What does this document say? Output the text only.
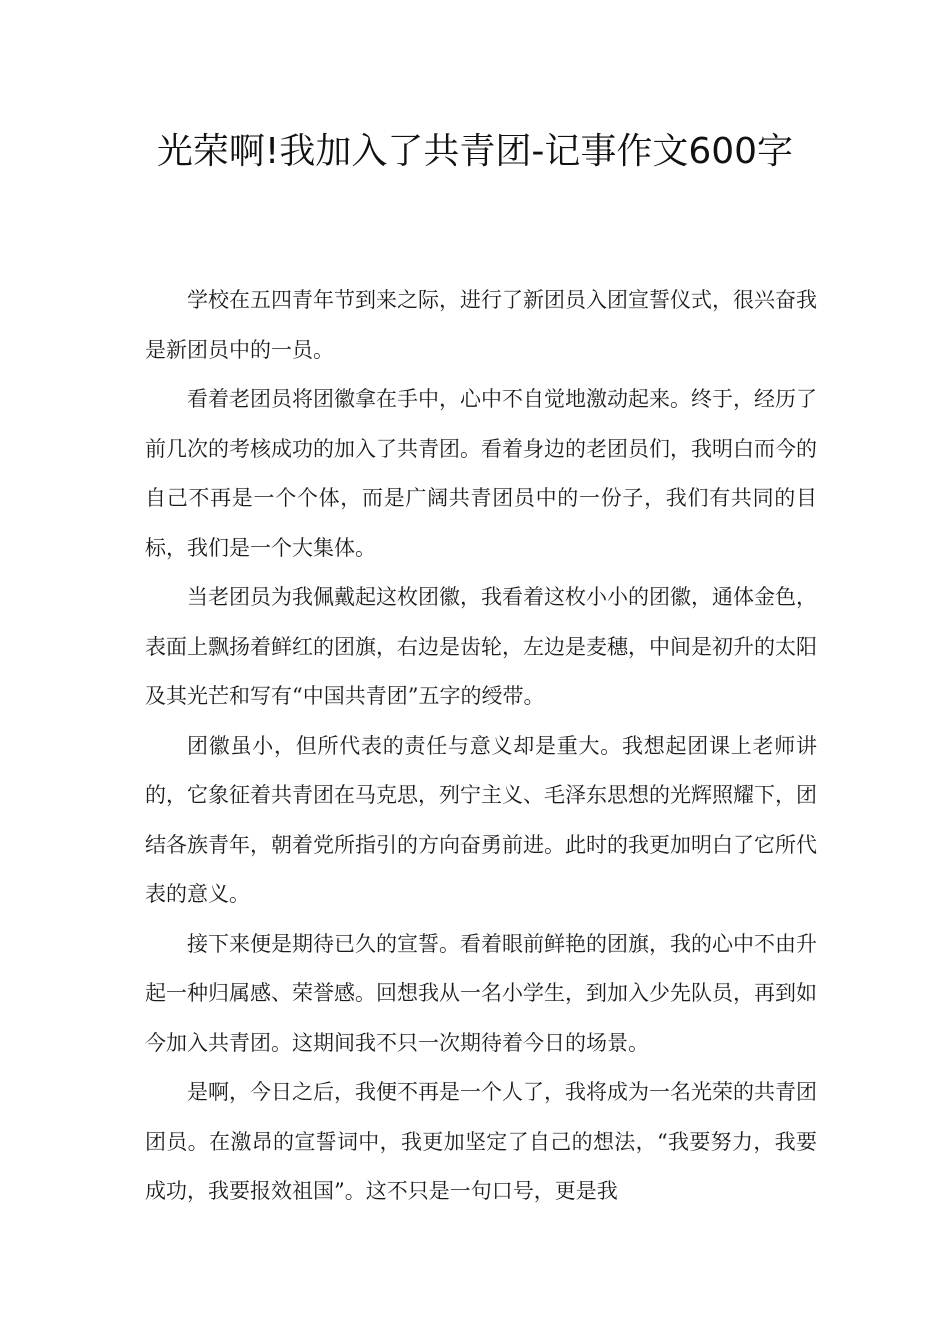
光荣啊!我加入了共青团-记事作文600字

学校在五四青年节到来之际，进行了新团员入团宣誓仪式，很兴奋我是新团员中的一员。

看着老团员将团徽拿在手中，心中不自觉地激动起来。终于，经历了前几次的考核成功的加入了共青团。看着身边的老团员们，我明白而今的自己不再是一个个体，而是广阔共青团员中的一份子，我们有共同的目标，我们是一个大集体。

当老团员为我佩戴起这枚团徽，我看着这枚小小的团徽，通体金色，表面上飘扬着鲜红的团旗，右边是齿轮，左边是麦穗，中间是初升的太阳及其光芒和写有“中国共青团”五字的绶带。

团徽虽小，但所代表的责任与意义却是重大。我想起团课上老师讲的，它象征着共青团在马克思，列宁主义、毛泽东思想的光辉照耀下，团结各族青年，朝着党所指引的方向奋勇前进。此时的我更加明白了它所代表的意义。

接下来便是期待已久的宣誓。看着眼前鲜艳的团旗，我的心中不由升起一种归属感、荣誉感。回想我从一名小学生，到加入少先队员，再到如今加入共青团。这期间我不只一次期待着今日的场景。

是啊，今日之后，我便不再是一个人了，我将成为一名光荣的共青团团员。在激昂的宣誓词中，我更加坚定了自己的想法，“我要努力，我要成功，我要报效祖国”。这不只是一句口号，更是我
